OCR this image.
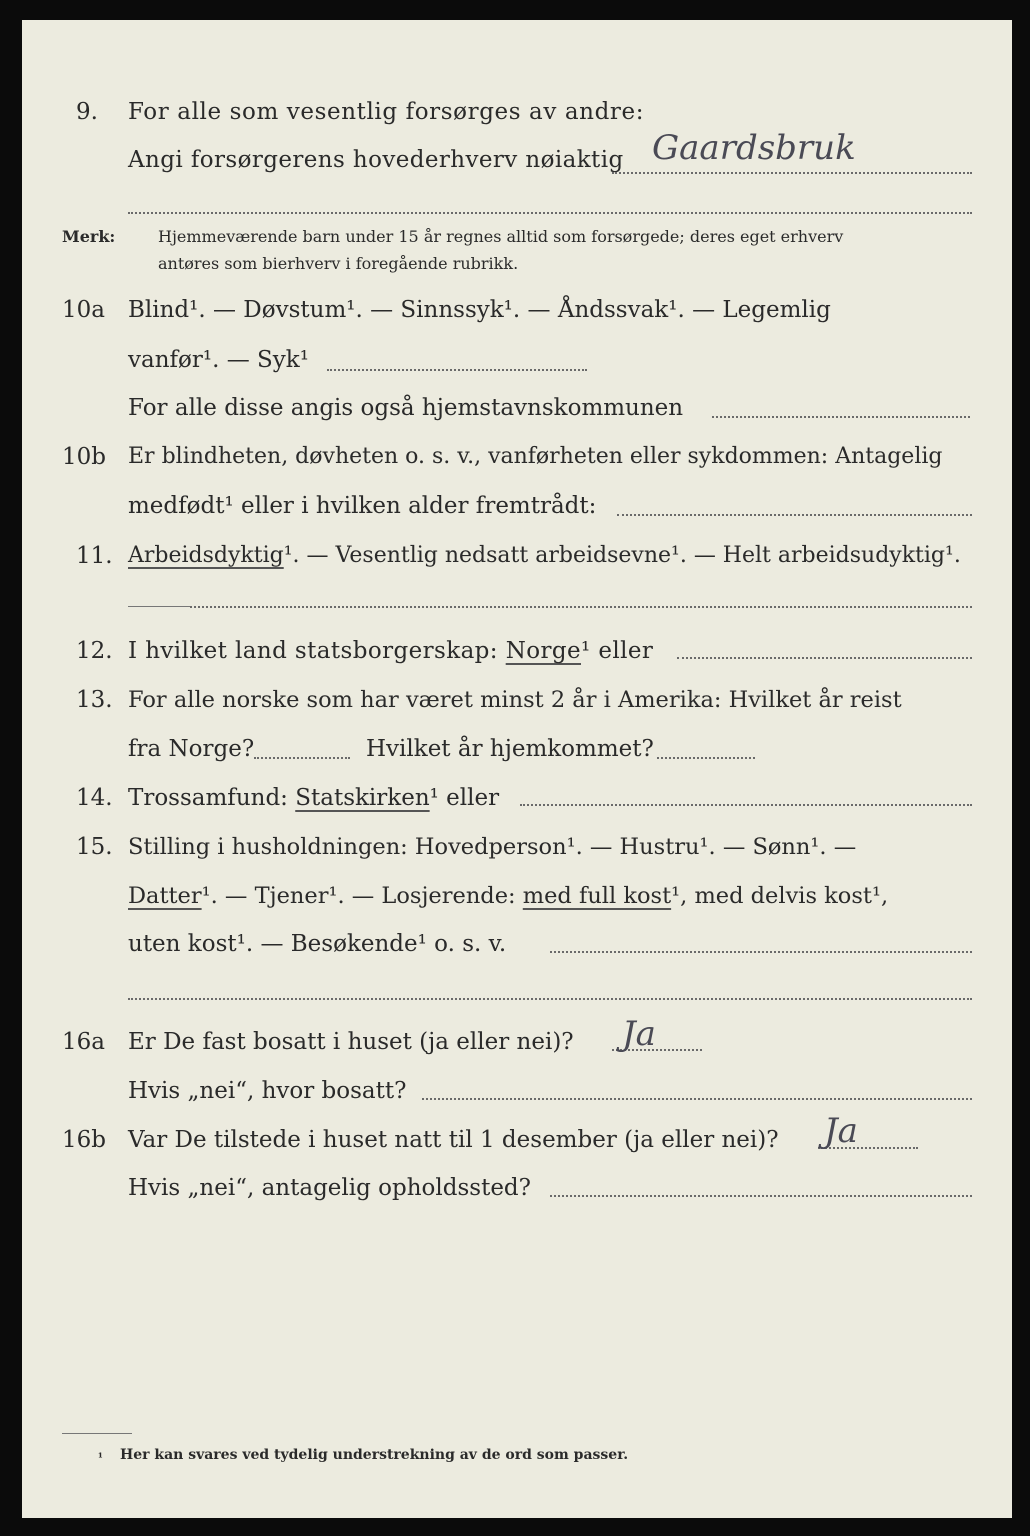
9. For alle som vesentlig forsørges av andre:
Angi forsørgerens hovederhverv nøiaktig Gaardsbruk
Merk:	Hjemmeværende barn under 15 år regnes alltid som forsørgede; deres eget erhverv
antøres som bierhverv i foregående rubrikk.
10a Blind¹. — Døvstum¹. — Sinnssyk¹. — Åndssvak¹. — Legemlig
vanfør¹. — Syk¹
For alle disse angis også hjemstavnskommunen
10b Er blindheten, døvheten o. s. v., vanførheten eller sykdommen: Antagelig
medfødt¹ eller i hvilken alder fremtrådt:
11. Arbeidsdyktig¹. — Vesentlig nedsatt arbeidsevne¹. — Helt arbeidsudyktig¹.
12. I hvilket land statsborgerskap: Norge¹ eller
13. For alle norske som har været minst 2 år i Amerika: Hvilket år reist
fra Norge?	Hvilket år hjemkommet?
14. Trossamfund: Statskirken¹ eller
15. Stilling i husholdningen: Hovedperson¹. — Hustru¹. — Sønn¹. —
Datter¹. — Tjener¹. — Losjerende: med full kost¹, med delvis kost¹,
uten kost¹. — Besøkende¹ o. s. v.
16a Er De fast bosatt i huset (ja eller nei)? Ja
Hvis „nei“, hvor bosatt?
16b Var De tilstede i huset natt til 1 desember (ja eller nei)? Ja
Hvis „nei“, antagelig opholdssted?
¹ Her kan svares ved tydelig understrekning av de ord som passer.
